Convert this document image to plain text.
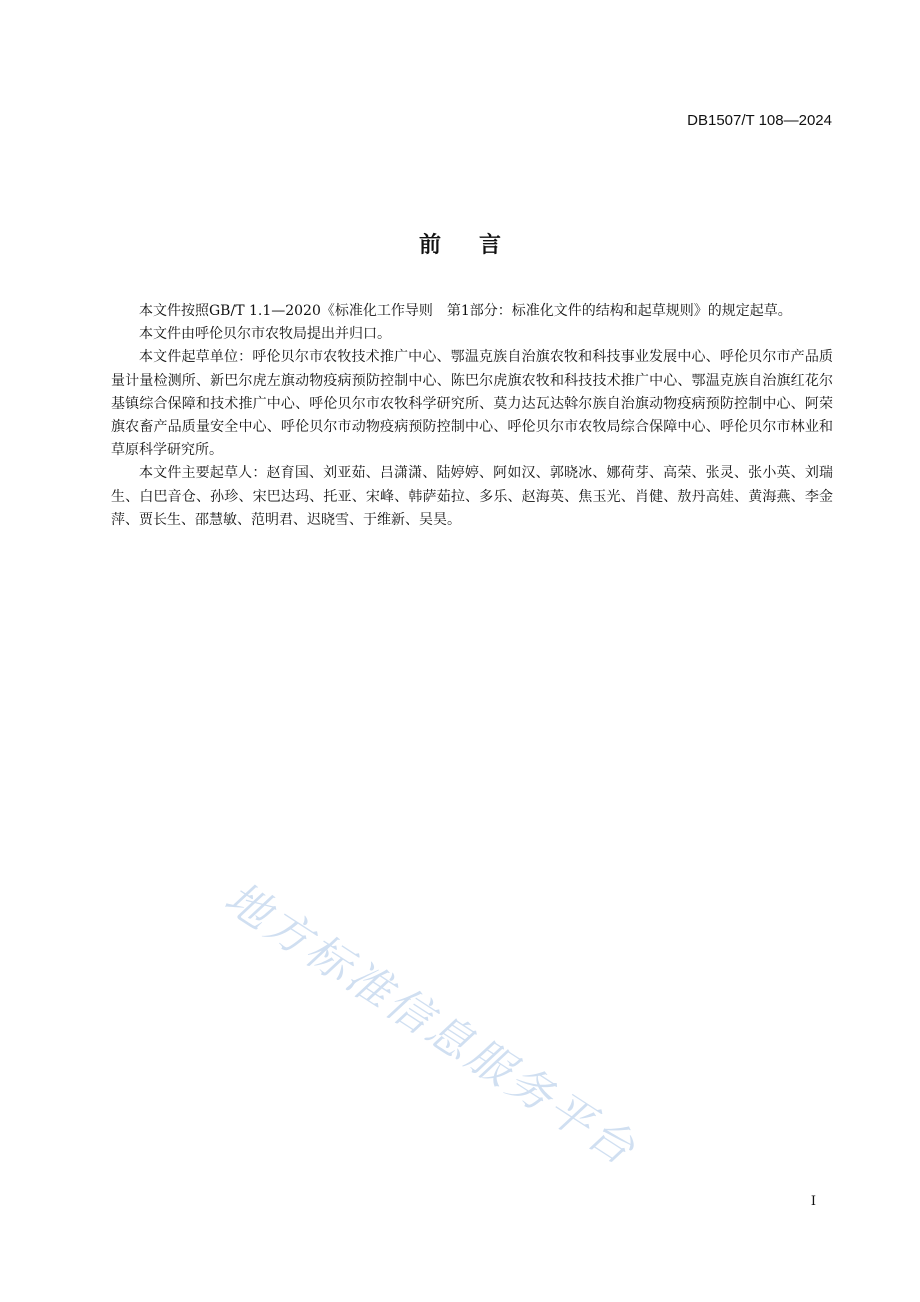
DB1507/T 108—2024
前言

本文件按照GB/T 1.1—2020《标准化工作导则　第1部分：标准化文件的结构和起草规则》的规定起草。

本文件由呼伦贝尔市农牧局提出并归口。

本文件起草单位：呼伦贝尔市农牧技术推广中心、鄂温克族自治旗农牧和科技事业发展中心、呼伦贝尔市产品质量计量检测所、新巴尔虎左旗动物疫病预防控制中心、陈巴尔虎旗农牧和科技技术推广中心、鄂温克族自治旗红花尔基镇综合保障和技术推广中心、呼伦贝尔市农牧科学研究所、莫力达瓦达斡尔族自治旗动物疫病预防控制中心、阿荣旗农畜产品质量安全中心、呼伦贝尔市动物疫病预防控制中心、呼伦贝尔市农牧局综合保障中心、呼伦贝尔市林业和草原科学研究所。

本文件主要起草人：赵育国、刘亚茹、吕潇潇、陆婷婷、阿如汉、郭晓冰、娜荷芽、高荣、张灵、张小英、刘瑞生、白巴音仓、孙珍、宋巴达玛、托亚、宋峰、韩萨茹拉、多乐、赵海英、焦玉光、肖健、敖丹高娃、黄海燕、李金萍、贾长生、邵慧敏、范明君、迟晓雪、于维新、吴昊。

地方标准信息服务平台
I
